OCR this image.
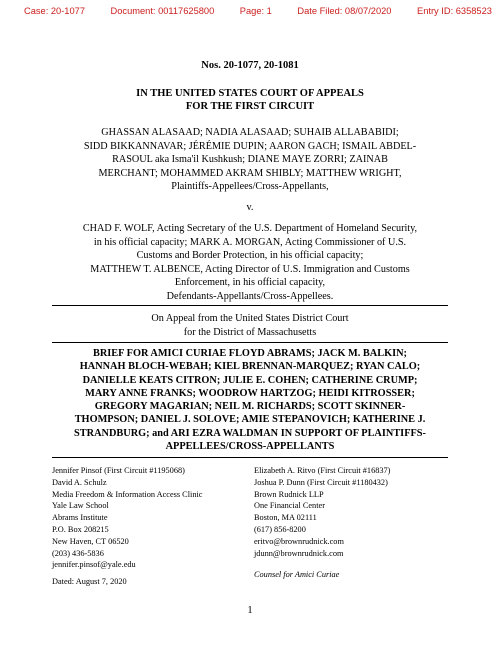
Case: 20-1077	Document: 00117625800	Page: 1	Date Filed: 08/07/2020	Entry ID: 6358523
Nos. 20-1077, 20-1081
IN THE UNITED STATES COURT OF APPEALS
FOR THE FIRST CIRCUIT
GHASSAN ALASAAD; NADIA ALASAAD; SUHAIB ALLABABIDI;
SIDD BIKKANNAVAR; JÉRÉMIE DUPIN; AARON GACH; ISMAIL ABDEL-
RASOUL aka Isma'il Kushkush; DIANE MAYE ZORRI; ZAINAB
MERCHANT; MOHAMMED AKRAM SHIBLY; MATTHEW WRIGHT,
Plaintiffs-Appellees/Cross-Appellants,
v.
CHAD F. WOLF, Acting Secretary of the U.S. Department of Homeland Security,
in his official capacity; MARK A. MORGAN, Acting Commissioner of U.S.
Customs and Border Protection, in his official capacity;
MATTHEW T. ALBENCE, Acting Director of U.S. Immigration and Customs
Enforcement, in his official capacity,
Defendants-Appellants/Cross-Appellees.
On Appeal from the United States District Court
for the District of Massachusetts
BRIEF FOR AMICI CURIAE FLOYD ABRAMS; JACK M. BALKIN;
HANNAH BLOCH-WEBAH; KIEL BRENNAN-MARQUEZ; RYAN CALO;
DANIELLE KEATS CITRON; JULIE E. COHEN; CATHERINE CRUMP;
MARY ANNE FRANKS; WOODROW HARTZOG; HEIDI KITROSSER;
GREGORY MAGARIAN; NEIL M. RICHARDS; SCOTT SKINNER-
THOMPSON; DANIEL J. SOLOVE; AMIE STEPANOVICH; KATHERINE J.
STRANDBURG; and ARI EZRA WALDMAN IN SUPPORT OF PLAINTIFFS-
APPELLEES/CROSS-APPELLANTS
Jennifer Pinsof (First Circuit #1195068)
David A. Schulz
Media Freedom & Information Access Clinic
Yale Law School
Abrams Institute
P.O. Box 208215
New Haven, CT 06520
(203) 436-5836
jennifer.pinsof@yale.edu
Elizabeth A. Ritvo (First Circuit #16837)
Joshua P. Dunn (First Circuit #1180432)
Brown Rudnick LLP
One Financial Center
Boston, MA 02111
(617) 856-8200
eritvo@brownrudnick.com
jdunn@brownrudnick.com
Counsel for Amici Curiae
Dated: August 7, 2020
1
